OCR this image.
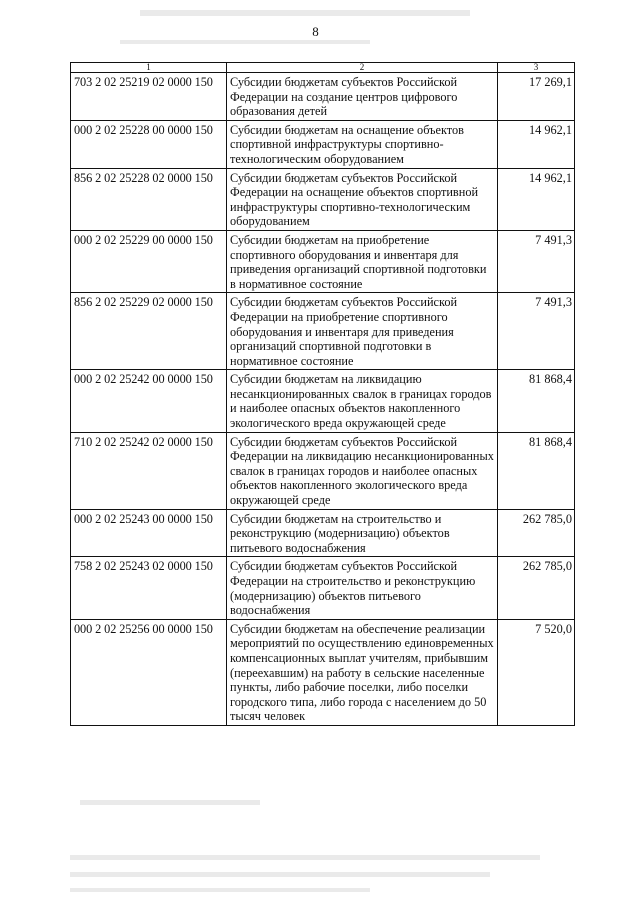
8
1	2	3
703 2 02 25219 02 0000 150	Субсидии бюджетам субъектов Российской Федерации на создание центров цифрового образования детей	17 269,1
000 2 02 25228 00 0000 150	Субсидии бюджетам на оснащение объектов спортивной инфраструктуры спортивно-технологическим оборудованием	14 962,1
856 2 02 25228 02 0000 150	Субсидии бюджетам субъектов Российской Федерации на оснащение объектов спортивной инфраструктуры спортивно-технологическим оборудованием	14 962,1
000 2 02 25229 00 0000 150	Субсидии бюджетам на приобретение спортивного оборудования и инвентаря для приведения организаций спортивной подготовки в нормативное состояние	7 491,3
856 2 02 25229 02 0000 150	Субсидии бюджетам субъектов Российской Федерации на приобретение спортивного оборудования и инвентаря для приведения организаций спортивной подготовки в нормативное состояние	7 491,3
000 2 02 25242 00 0000 150	Субсидии бюджетам на ликвидацию несанкционированных свалок в границах городов и наиболее опасных объектов накопленного экологического вреда окружающей среде	81 868,4
710 2 02 25242 02 0000 150	Субсидии бюджетам субъектов Российской Федерации на ликвидацию несанкционированных свалок в границах городов и наиболее опасных объектов накопленного экологического вреда окружающей среде	81 868,4
000 2 02 25243 00 0000 150	Субсидии бюджетам на строительство и реконструкцию (модернизацию) объектов питьевого водоснабжения	262 785,0
758 2 02 25243 02 0000 150	Субсидии бюджетам субъектов Российской Федерации на строительство и реконструкцию (модернизацию) объектов питьевого водоснабжения	262 785,0
000 2 02 25256 00 0000 150	Субсидии бюджетам на обеспечение реализации мероприятий по осуществлению единовременных компенсационных выплат учителям, прибывшим (переехавшим) на работу в сельские населенные пункты, либо рабочие поселки, либо поселки городского типа, либо города с населением до 50 тысяч человек	7 520,0
